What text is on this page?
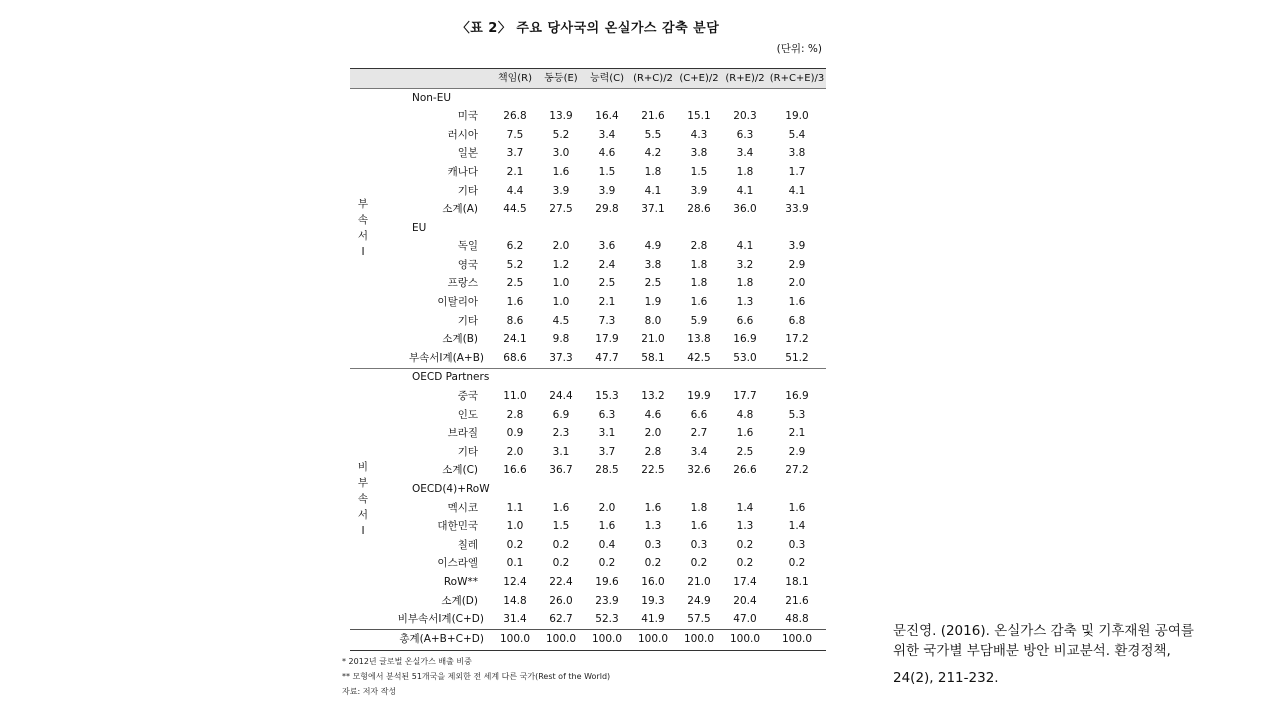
〈표 2〉 주요 당사국의 온실가스 감축 분담
(단위: %)
		책임(R)	동등(E)	능력(C)	(R+C)/2	(C+E)/2	(R+E)/2	(R+C+E)/3

부
속
서
Ⅰ	Non-EU							
	미국	26.8	13.9	16.4	21.6	15.1	20.3	19.0
	러시아	7.5	5.2	3.4	5.5	4.3	6.3	5.4
	일본	3.7	3.0	4.6	4.2	3.8	3.4	3.8
	캐나다	2.1	1.6	1.5	1.8	1.5	1.8	1.7
	기타	4.4	3.9	3.9	4.1	3.9	4.1	4.1
	소계(A)	44.5	27.5	29.8	37.1	28.6	36.0	33.9
	EU							
	독일	6.2	2.0	3.6	4.9	2.8	4.1	3.9
	영국	5.2	1.2	2.4	3.8	1.8	3.2	2.9
	프랑스	2.5	1.0	2.5	2.5	1.8	1.8	2.0
	이탈리아	1.6	1.0	2.1	1.9	1.6	1.3	1.6
	기타	8.6	4.5	7.3	8.0	5.9	6.6	6.8
	소계(B)	24.1	9.8	17.9	21.0	13.8	16.9	17.2
	부속서Ⅰ계(A+B)	68.6	37.3	47.7	58.1	42.5	53.0	51.2

비
부
속
서
Ⅰ	OECD Partners							
	중국	11.0	24.4	15.3	13.2	19.9	17.7	16.9
	인도	2.8	6.9	6.3	4.6	6.6	4.8	5.3
	브라질	0.9	2.3	3.1	2.0	2.7	1.6	2.1
	기타	2.0	3.1	3.7	2.8	3.4	2.5	2.9
	소계(C)	16.6	36.7	28.5	22.5	32.6	26.6	27.2
	OECD(4)+RoW							
	멕시코	1.1	1.6	2.0	1.6	1.8	1.4	1.6
	대한민국	1.0	1.5	1.6	1.3	1.6	1.3	1.4
	칠레	0.2	0.2	0.4	0.3	0.3	0.2	0.3
	이스라엘	0.1	0.2	0.2	0.2	0.2	0.2	0.2
	RoW**	12.4	22.4	19.6	16.0	21.0	17.4	18.1
	소계(D)	14.8	26.0	23.9	19.3	24.9	20.4	21.6
	비부속서Ⅰ계(C+D)	31.4	62.7	52.3	41.9	57.5	47.0	48.8
총계(A+B+C+D)		100.0	100.0	100.0	100.0	100.0	100.0	100.0
* 2012년 글로벌 온실가스 배출 비중
** 모형에서 분석된 51개국을 제외한 전 세계 다른 국가(Rest of the World)
자료: 저자 작성
문진영. (2016). 온실가스 감축 및 기후재원 공여를
위한 국가별 부담배분 방안 비교분석. 환경정책,
24(2), 211-232.
